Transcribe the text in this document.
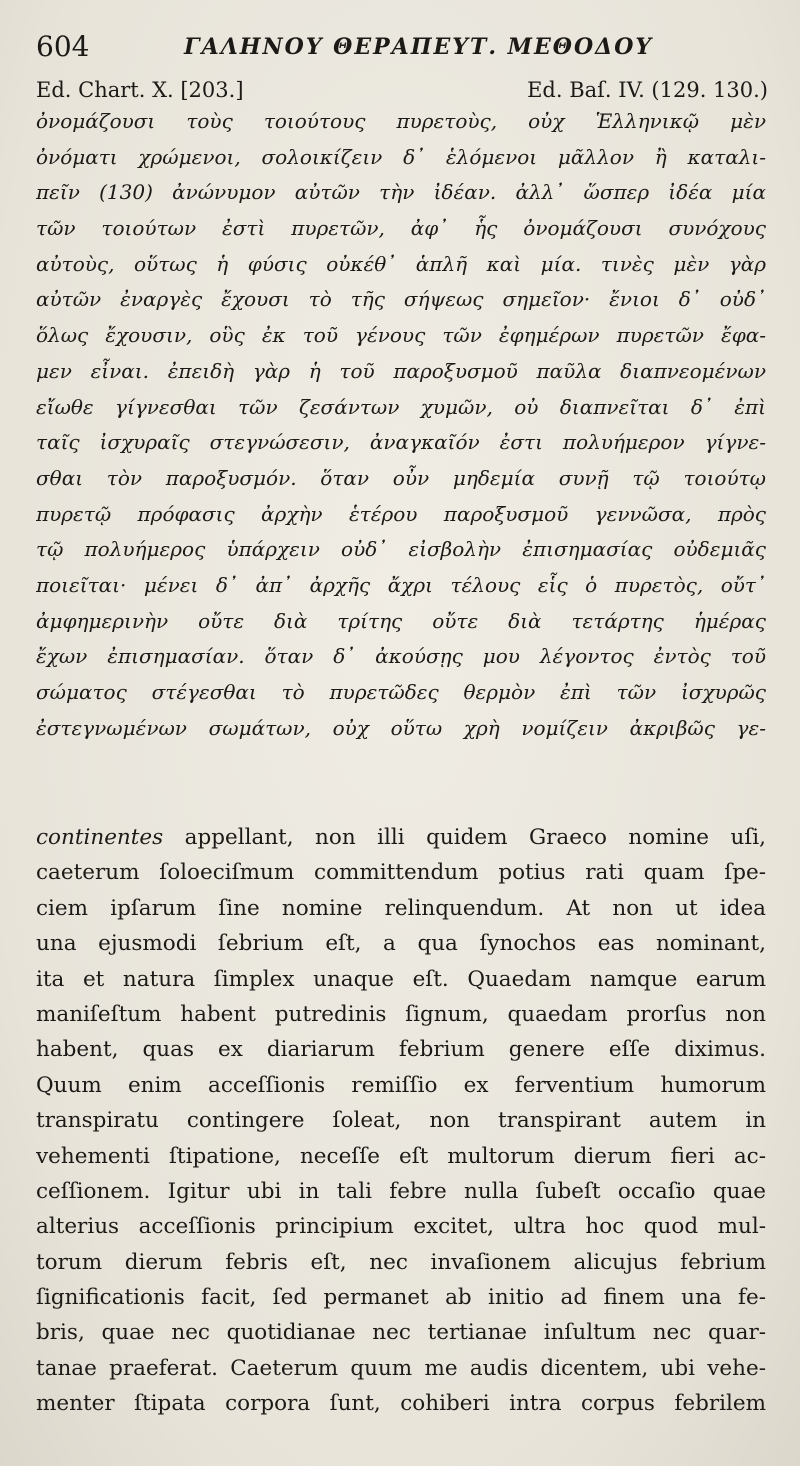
604	ΓΑΛΗΝΟΥ ΘΕΡΑΠΕΥΤ. ΜΕΘΟΔΟΥ
Ed. Chart. X. [203.]	Ed. Baſ. IV. (129. 130.)
ὀνομάζουσι τοὺς τοιούτους πυρετοὺς, οὐχ Ἑλληνικῷ μὲν
ὀνόματι χρώμενοι, σολοικίζειν δ᾽ ἑλόμενοι μᾶλλον ἢ καταλι-
πεῖν (130) ἀνώνυμον αὐτῶν τὴν ἰδέαν. ἀλλ᾽ ὥσπερ ἰδέα μία
τῶν τοιούτων ἐστὶ πυρετῶν, ἀφ᾽ ἧς ὀνομάζουσι συνόχους
αὐτοὺς, οὕτως ἡ φύσις οὐκέθ᾽ ἁπλῆ καὶ μία. τινὲς μὲν γὰρ
αὐτῶν ἐναργὲς ἔχουσι τὸ τῆς σήψεως σημεῖον· ἔνιοι δ᾽ οὐδ᾽
ὅλως ἔχουσιν, οὓς ἐκ τοῦ γένους τῶν ἐφημέρων πυρετῶν ἔφα-
μεν εἶναι. ἐπειδὴ γὰρ ἡ τοῦ παροξυσμοῦ παῦλα διαπνεομένων
εἴωθε γίγνεσθαι τῶν ζεσάντων χυμῶν, οὐ διαπνεῖται δ᾽ ἐπὶ
ταῖς ἰσχυραῖς στεγνώσεσιν, ἀναγκαῖόν ἐστι πολυήμερον γίγνε-
σθαι τὸν παροξυσμόν. ὅταν οὖν μηδεμία συνῇ τῷ τοιούτῳ
πυρετῷ πρόφασις ἀρχὴν ἑτέρου παροξυσμοῦ γεννῶσα, πρὸς
τῷ πολυήμερος ὑπάρχειν οὐδ᾽ εἰσβολὴν ἐπισημασίας οὐδεμιᾶς
ποιεῖται· μένει δ᾽ ἀπ᾽ ἀρχῆς ἄχρι τέλους εἷς ὁ πυρετὸς, οὔτ᾽
ἀμφημερινὴν οὔτε διὰ τρίτης οὔτε διὰ τετάρτης ἡμέρας
ἔχων ἐπισημασίαν. ὅταν δ᾽ ἀκούσῃς μου λέγοντος ἐντὸς τοῦ
σώματος στέγεσθαι τὸ πυρετῶδες θερμὸν ἐπὶ τῶν ἰσχυρῶς
ἐστεγνωμένων σωμάτων, οὐχ οὕτω χρὴ νομίζειν ἀκριβῶς γε-
continentes appellant, non illi quidem Graeco nomine uſi,
caeterum ſoloeciſmum committendum potius rati quam ſpe-
ciem ipſarum ſine nomine relinquendum. At non ut idea
una ejusmodi ſebrium eſt, a qua ſynochos eas nominant,
ita et natura ſimplex unaque eſt. Quaedam namque earum
maniſeſtum habent putredinis ſignum, quaedam prorſus non
habent, quas ex diariarum febrium genere eſſe diximus.
Quum enim acceſſionis remiſſio ex ferventium humorum
transpiratu contingere ſoleat, non transpirant autem in
vehementi ſtipatione, neceſſe eſt multorum dierum fieri ac-
ceſſionem. Igitur ubi in tali febre nulla ſubeſt occaſio quae
alterius acceſſionis principium excitet, ultra hoc quod mul-
torum dierum febris eſt, nec invaſionem alicujus febrium
ſignificationis facit, ſed permanet ab initio ad finem una fe-
bris, quae nec quotidianae nec tertianae inſultum nec quar-
tanae praeferat. Caeterum quum me audis dicentem, ubi vehe-
menter ſtipata corpora ſunt, cohiberi intra corpus febrilem
